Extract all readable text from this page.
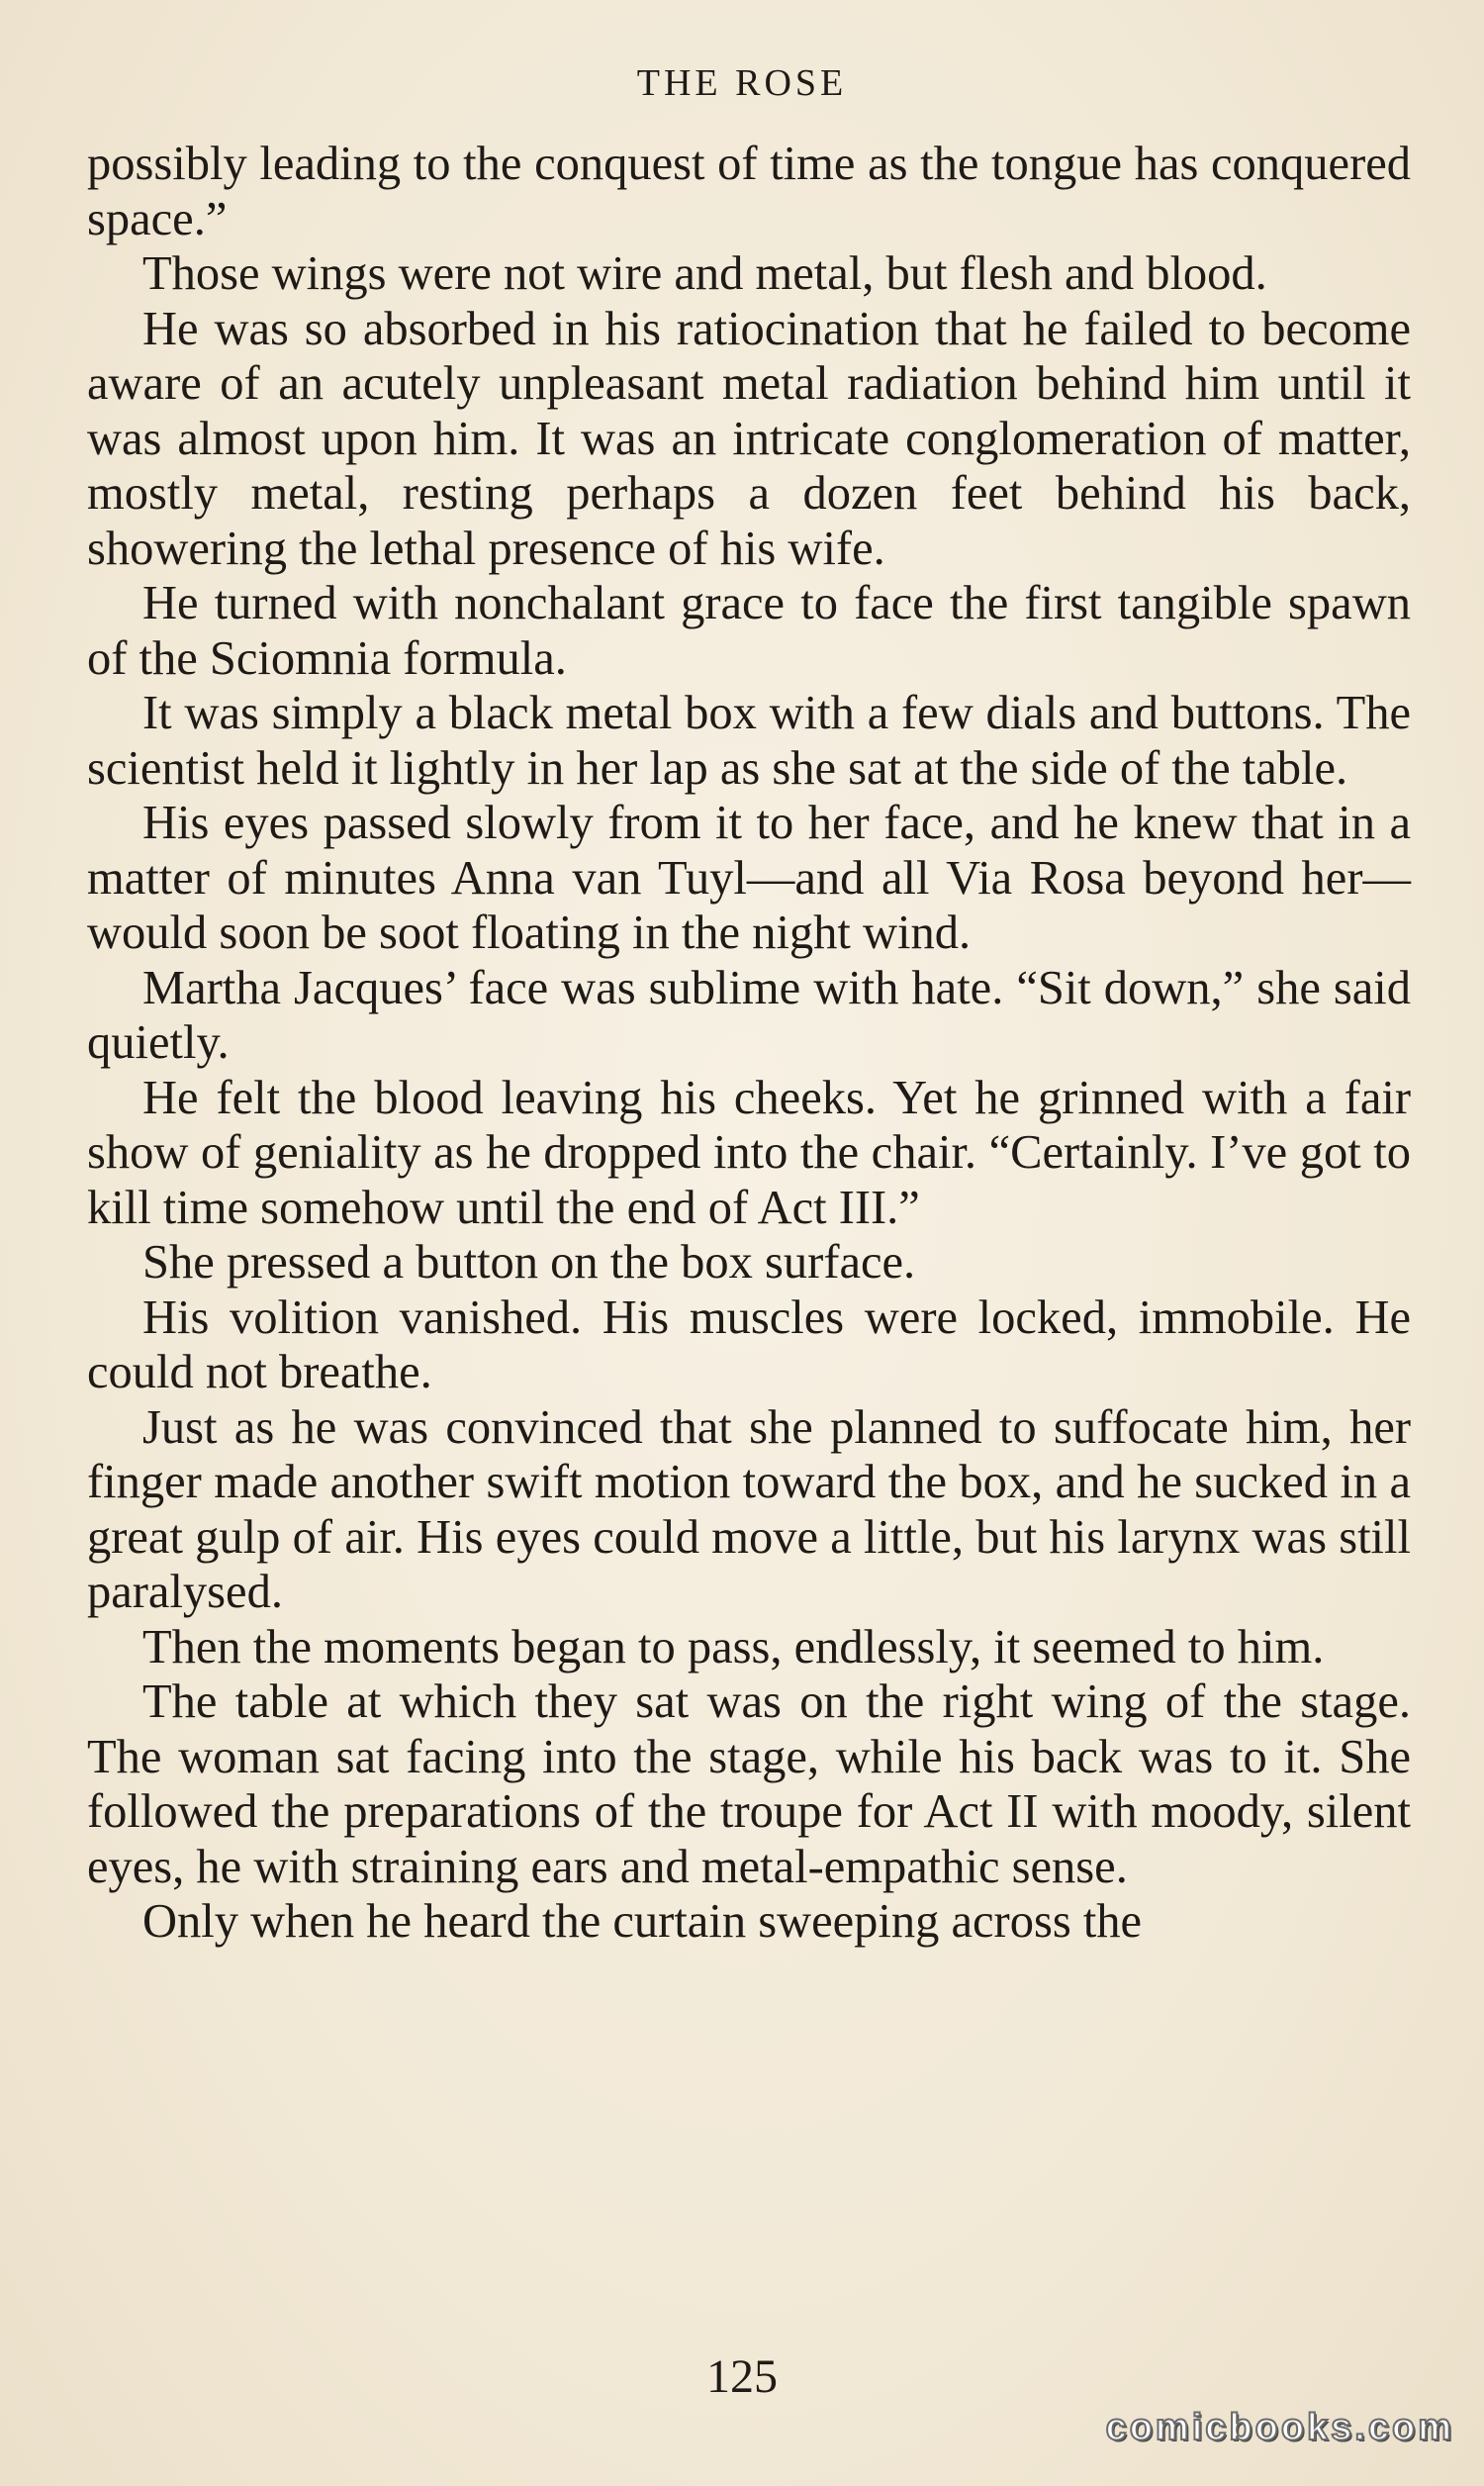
THE ROSE

possibly leading to the conquest of time as the tongue has conquered space.”

Those wings were not wire and metal, but flesh and blood.

He was so absorbed in his ratiocination that he failed to become aware of an acutely unpleasant metal radiation behind him until it was almost upon him. It was an intricate conglomeration of matter, mostly metal, resting perhaps a dozen feet behind his back, showering the lethal presence of his wife.

He turned with nonchalant grace to face the first tangible spawn of the Sciomnia formula.

It was simply a black metal box with a few dials and buttons. The scientist held it lightly in her lap as she sat at the side of the table.

His eyes passed slowly from it to her face, and he knew that in a matter of minutes Anna van Tuyl—and all Via Rosa beyond her—would soon be soot floating in the night wind.

Martha Jacques’ face was sublime with hate. “Sit down,” she said quietly.

He felt the blood leaving his cheeks. Yet he grinned with a fair show of geniality as he dropped into the chair. “Certainly. I’ve got to kill time somehow until the end of Act III.”

She pressed a button on the box surface.

His volition vanished. His muscles were locked, immobile. He could not breathe.

Just as he was convinced that she planned to suffocate him, her finger made another swift motion toward the box, and he sucked in a great gulp of air. His eyes could move a little, but his larynx was still paralysed.

Then the moments began to pass, endlessly, it seemed to him.

The table at which they sat was on the right wing of the stage. The woman sat facing into the stage, while his back was to it. She followed the preparations of the troupe for Act II with moody, silent eyes, he with straining ears and metal-empathic sense.

Only when he heard the curtain sweeping across the

125
comicbooks.com
